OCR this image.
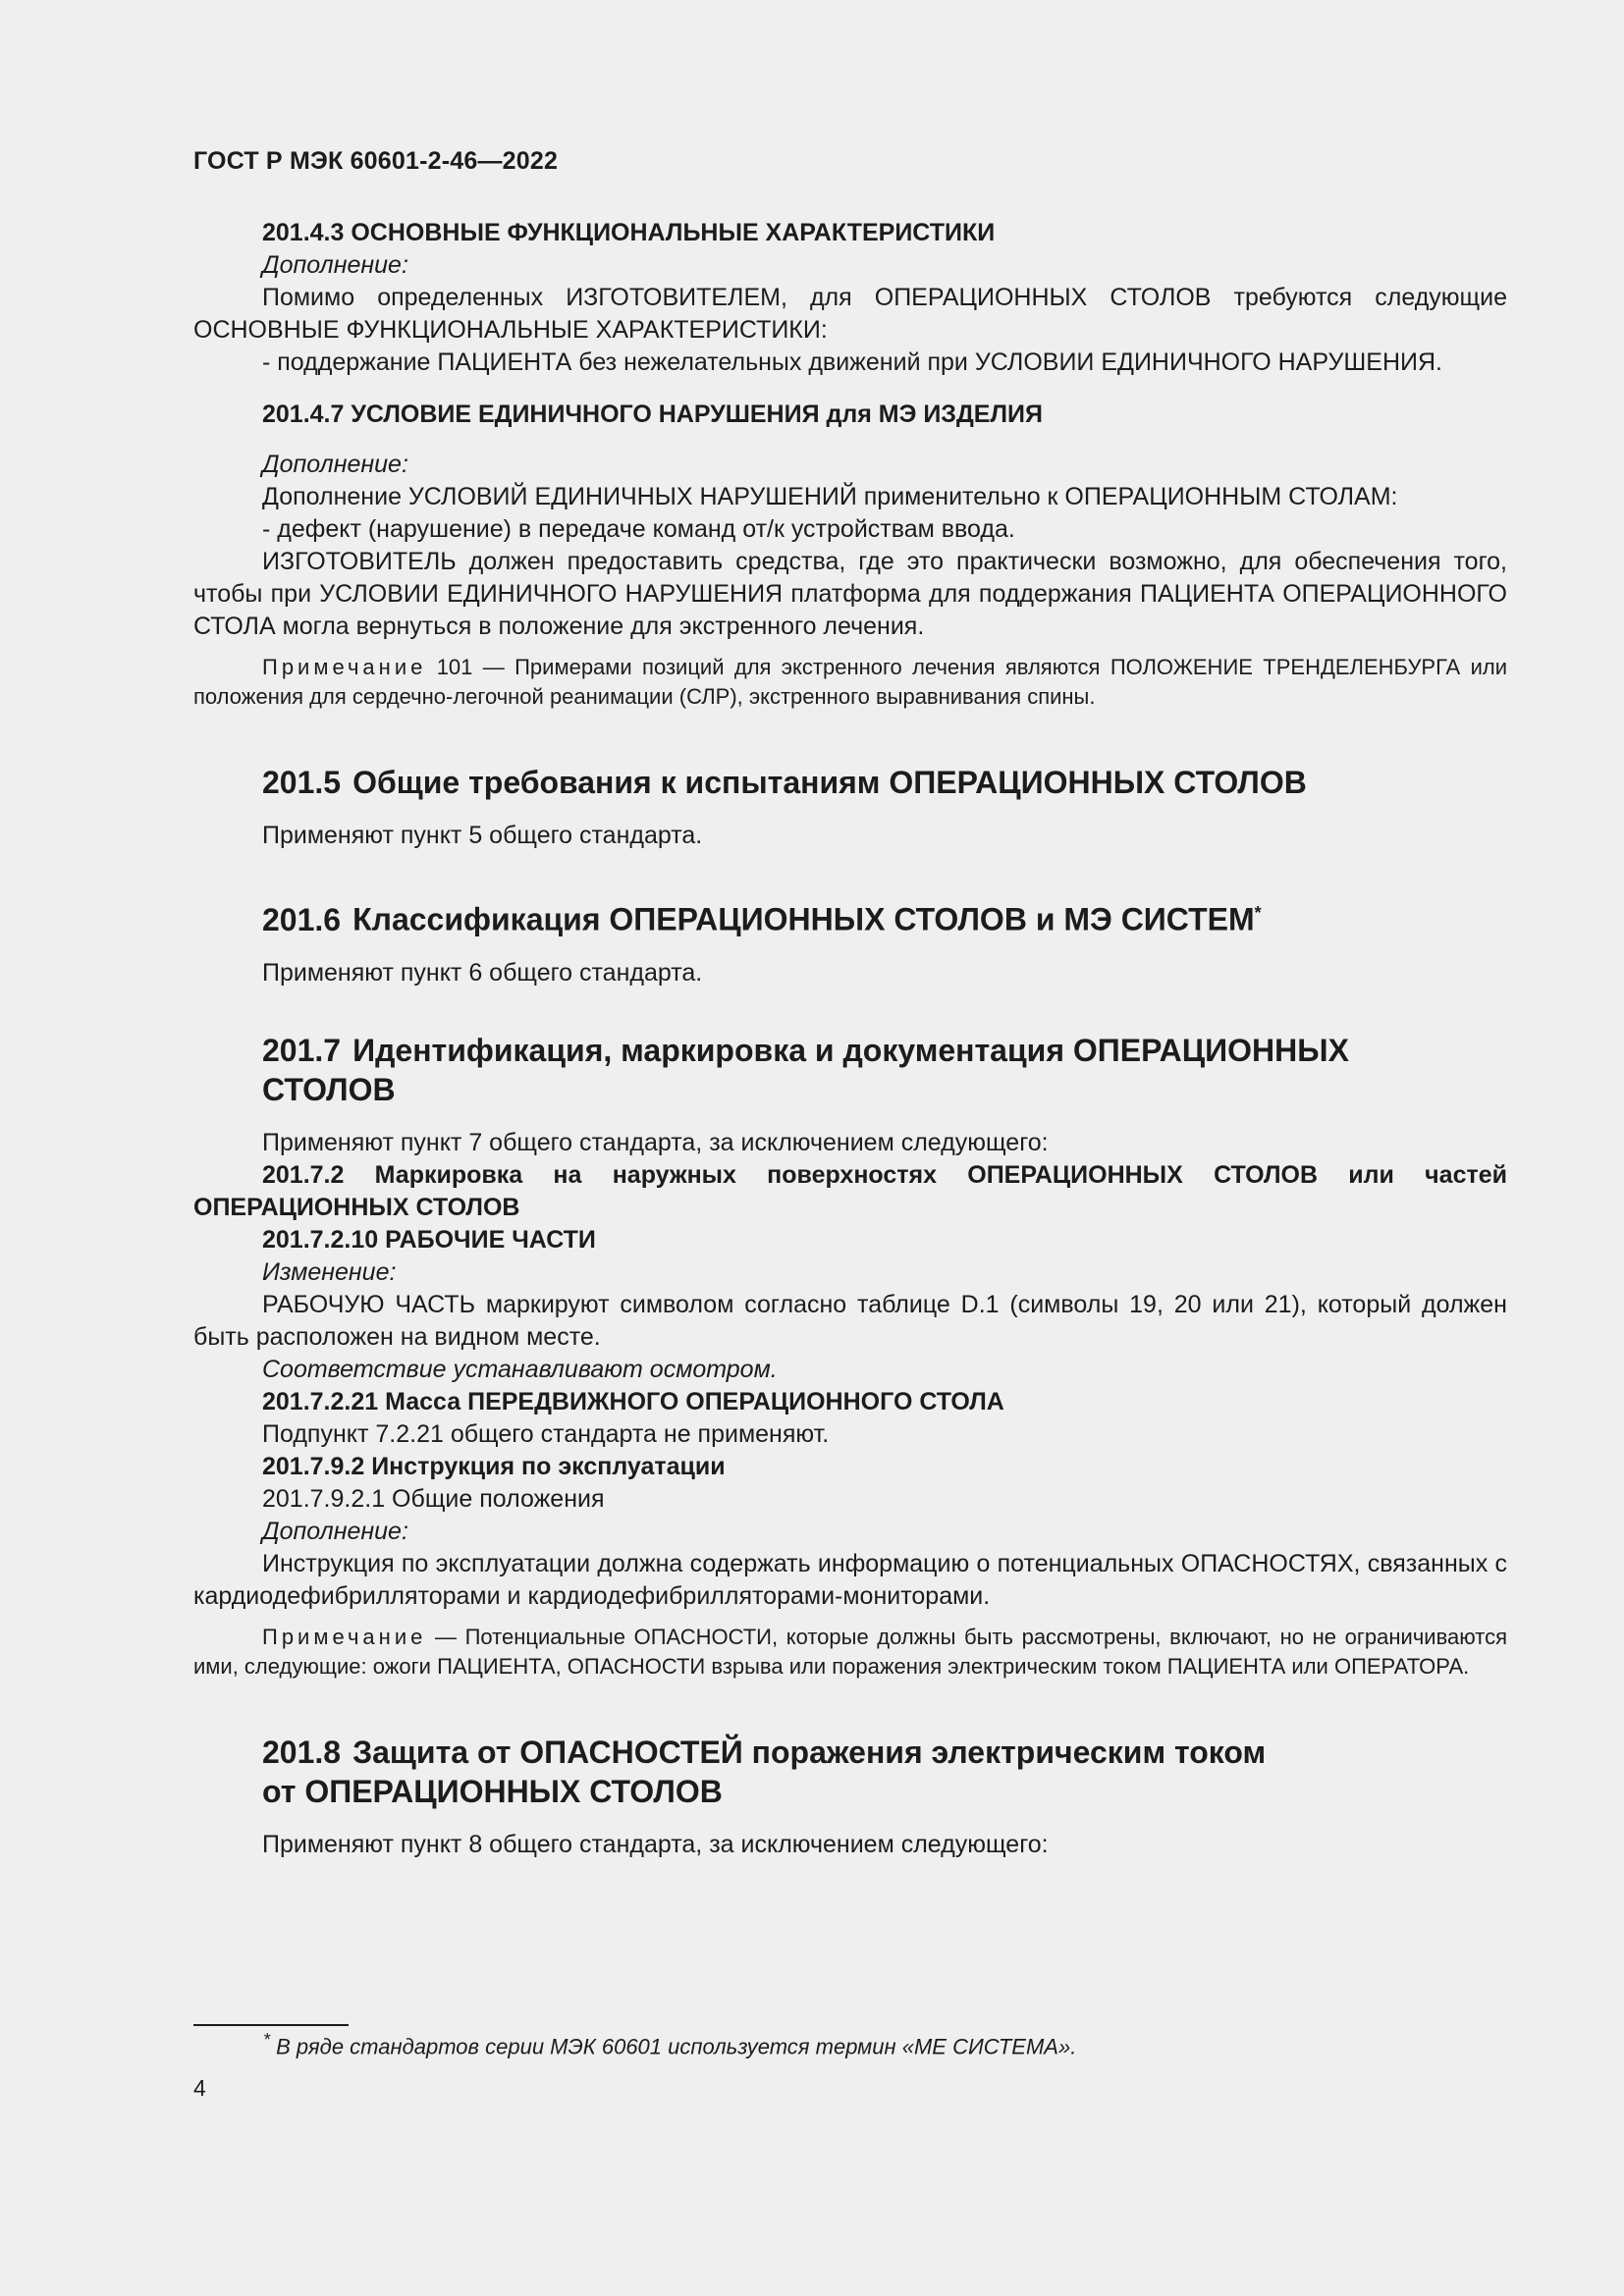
ГОСТ Р МЭК 60601-2-46—2022
201.4.3 ОСНОВНЫЕ ФУНКЦИОНАЛЬНЫЕ ХАРАКТЕРИСТИКИ

Дополнение:

Помимо определенных ИЗГОТОВИТЕЛЕМ, для ОПЕРАЦИОННЫХ СТОЛОВ требуются следующие ОСНОВНЫЕ ФУНКЦИОНАЛЬНЫЕ ХАРАКТЕРИСТИКИ:

- поддержание ПАЦИЕНТА без нежелательных движений при УСЛОВИИ ЕДИНИЧНОГО НАРУШЕНИЯ.

201.4.7 УСЛОВИЕ ЕДИНИЧНОГО НАРУШЕНИЯ для МЭ ИЗДЕЛИЯ

Дополнение:

Дополнение УСЛОВИЙ ЕДИНИЧНЫХ НАРУШЕНИЙ применительно к ОПЕРАЦИОННЫМ СТОЛАМ:

- дефект (нарушение) в передаче команд от/к устройствам ввода.

ИЗГОТОВИТЕЛЬ должен предоставить средства, где это практически возможно, для обеспечения того, чтобы при УСЛОВИИ ЕДИНИЧНОГО НАРУШЕНИЯ платформа для поддержания ПАЦИЕНТА ОПЕРАЦИОННОГО СТОЛА могла вернуться в положение для экстренного лечения.

Примечание 101 — Примерами позиций для экстренного лечения являются ПОЛОЖЕНИЕ ТРЕНДЕЛЕНБУРГА или положения для сердечно-легочной реанимации (СЛР), экстренного выравнивания спины.

201.5 Общие требования к испытаниям ОПЕРАЦИОННЫХ СТОЛОВ

Применяют пункт 5 общего стандарта.

201.6 Классификация ОПЕРАЦИОННЫХ СТОЛОВ и МЭ СИСТЕМ*

Применяют пункт 6 общего стандарта.

201.7 Идентификация, маркировка и документация ОПЕРАЦИОННЫХ СТОЛОВ

Применяют пункт 7 общего стандарта, за исключением следующего:

201.7.2 Маркировка на наружных поверхностях ОПЕРАЦИОННЫХ СТОЛОВ или частей ОПЕРАЦИОННЫХ СТОЛОВ

201.7.2.10 РАБОЧИЕ ЧАСТИ

Изменение:

РАБОЧУЮ ЧАСТЬ маркируют символом согласно таблице D.1 (символы 19, 20 или 21), который должен быть расположен на видном месте.

Соответствие устанавливают осмотром.

201.7.2.21 Масса ПЕРЕДВИЖНОГО ОПЕРАЦИОННОГО СТОЛА

Подпункт 7.2.21 общего стандарта не применяют.

201.7.9.2 Инструкция по эксплуатации

201.7.9.2.1 Общие положения

Дополнение:

Инструкция по эксплуатации должна содержать информацию о потенциальных ОПАСНОСТЯХ, связанных с кардиодефибрилляторами и кардиодефибрилляторами-мониторами.

Примечание — Потенциальные ОПАСНОСТИ, которые должны быть рассмотрены, включают, но не ограничиваются ими, следующие: ожоги ПАЦИЕНТА, ОПАСНОСТИ взрыва или поражения электрическим током ПАЦИЕНТА или ОПЕРАТОРА.

201.8 Защита от ОПАСНОСТЕЙ поражения электрическим током
от ОПЕРАЦИОННЫХ СТОЛОВ

Применяют пункт 8 общего стандарта, за исключением следующего:

* В ряде стандартов серии МЭК 60601 используется термин «МЕ СИСТЕМА».
4
